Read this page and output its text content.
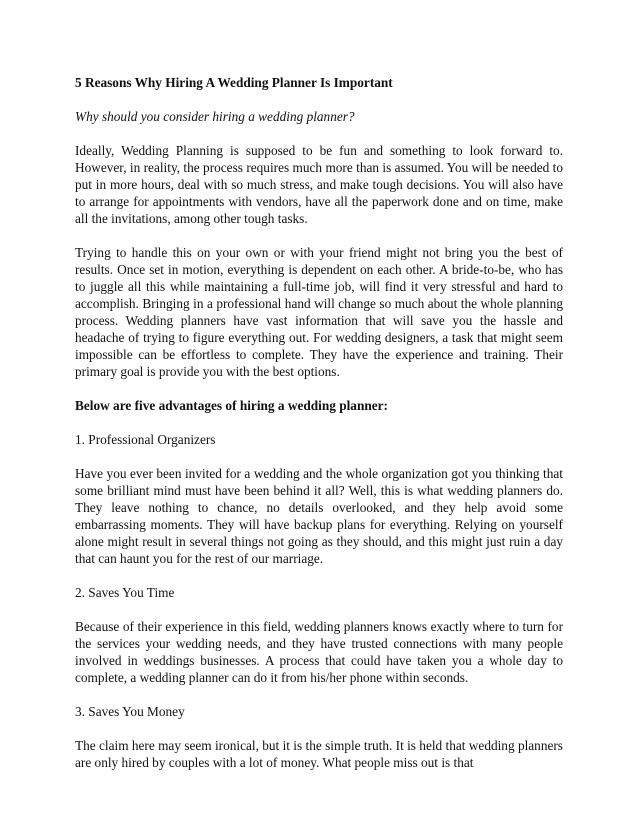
5 Reasons Why Hiring A Wedding Planner Is Important

Why should you consider hiring a wedding planner?

Ideally, Wedding Planning is supposed to be fun and something to look forward to. However, in reality, the process requires much more than is assumed. You will be needed to put in more hours, deal with so much stress, and make tough decisions. You will also have to arrange for appointments with vendors, have all the paperwork done and on time, make all the invitations, among other tough tasks.

Trying to handle this on your own or with your friend might not bring you the best of results. Once set in motion, everything is dependent on each other. A bride-to-be, who has to juggle all this while maintaining a full-time job, will find it very stressful and hard to accomplish. Bringing in a professional hand will change so much about the whole planning process. Wedding planners have vast information that will save you the hassle and headache of trying to figure everything out. For wedding designers, a task that might seem impossible can be effortless to complete. They have the experience and training. Their primary goal is provide you with the best options.

Below are five advantages of hiring a wedding planner:

1. Professional Organizers

Have you ever been invited for a wedding and the whole organization got you thinking that some brilliant mind must have been behind it all? Well, this is what wedding planners do. They leave nothing to chance, no details overlooked, and they help avoid some embarrassing moments. They will have backup plans for everything. Relying on yourself alone might result in several things not going as they should, and this might just ruin a day that can haunt you for the rest of our marriage.

2. Saves You Time

Because of their experience in this field, wedding planners knows exactly where to turn for the services your wedding needs, and they have trusted connections with many people involved in weddings businesses. A process that could have taken you a whole day to complete, a wedding planner can do it from his/her phone within seconds.

3. Saves You Money

The claim here may seem ironical, but it is the simple truth. It is held that wedding planners are only hired by couples with a lot of money. What people miss out is that
